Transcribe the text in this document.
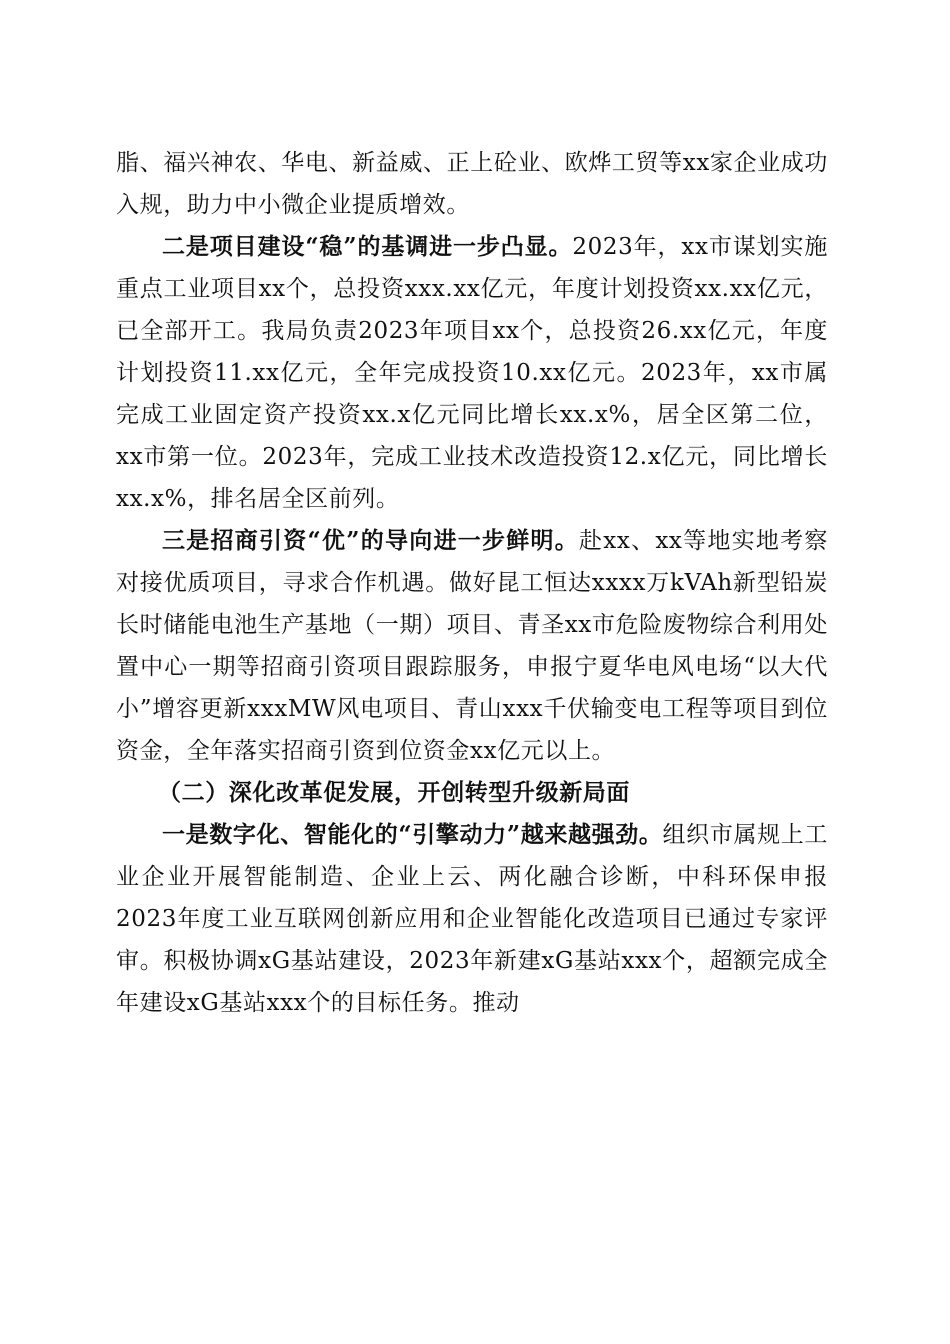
脂、福兴神农、华电、新益威、正上砼业、欧烨工贸等xx家企业成功入规，助力中小微企业提质增效。

二是项目建设“稳”的基调进一步凸显。2023年，xx市谋划实施重点工业项目xx个，总投资xxx.xx亿元，年度计划投资xx.xx亿元，已全部开工。我局负责2023年项目xx个，总投资26.xx亿元，年度计划投资11.xx亿元，全年完成投资10.xx亿元。2023年，xx市属完成工业固定资产投资xx.x亿元同比增长xx.x%，居全区第二位，xx市第一位。2023年，完成工业技术改造投资12.x亿元，同比增长xx.x%，排名居全区前列。

三是招商引资“优”的导向进一步鲜明。赴xx、xx等地实地考察对接优质项目，寻求合作机遇。做好昆工恒达xxxx万kVAh新型铅炭长时储能电池生产基地（一期）项目、青圣xx市危险废物综合利用处置中心一期等招商引资项目跟踪服务，申报宁夏华电风电场“以大代小”增容更新xxxMW风电项目、青山xxx千伏输变电工程等项目到位资金，全年落实招商引资到位资金xx亿元以上。

（二）深化改革促发展，开创转型升级新局面

一是数字化、智能化的“引擎动力”越来越强劲。组织市属规上工业企业开展智能制造、企业上云、两化融合诊断，中科环保申报2023年度工业互联网创新应用和企业智能化改造项目已通过专家评审。积极协调xG基站建设，2023年新建xG基站xxx个，超额完成全年建设xG基站xxx个的目标任务。推动
